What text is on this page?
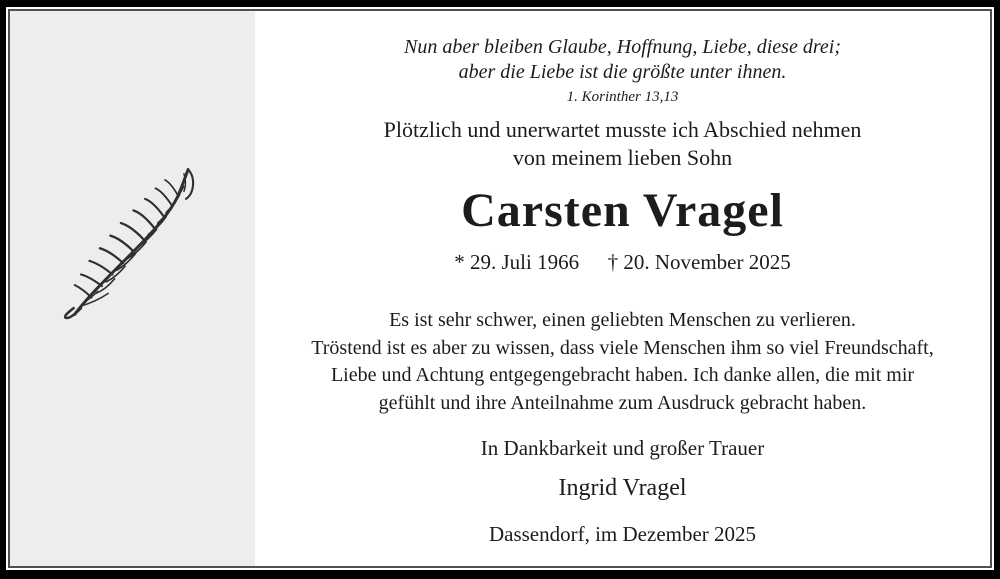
Nun aber bleiben Glaube, Hoffnung, Liebe, diese drei;
aber die Liebe ist die größte unter ihnen.
1. Korinther 13,13
Plötzlich und unerwartet musste ich Abschied nehmen
von meinem lieben Sohn
Carsten Vragel
* 29. Juli 1966 † 20. November 2025
Es ist sehr schwer, einen geliebten Menschen zu verlieren.
Tröstend ist es aber zu wissen, dass viele Menschen ihm so viel Freundschaft,
Liebe und Achtung entgegengebracht haben. Ich danke allen, die mit mir
gefühlt und ihre Anteilnahme zum Ausdruck gebracht haben.
In Dankbarkeit und großer Trauer
Ingrid Vragel
Dassendorf, im Dezember 2025
